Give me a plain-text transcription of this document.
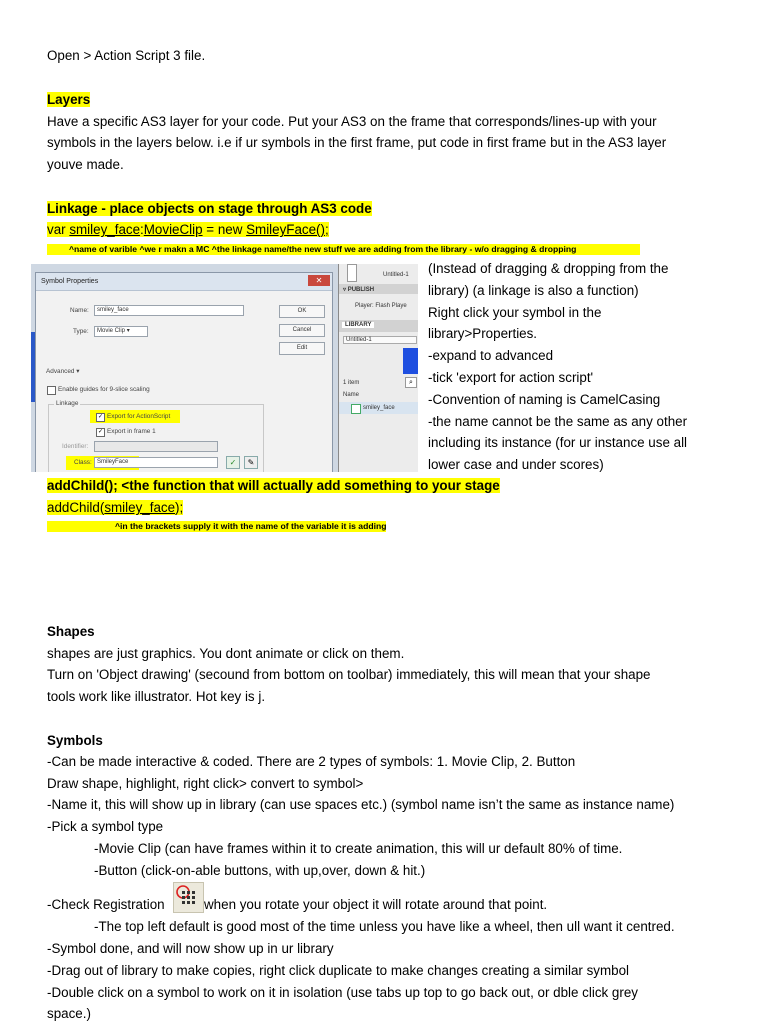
Open > Action Script 3 file.
Layers
Have a specific AS3 layer for your code. Put your AS3 on the frame that corresponds/lines-up with your
symbols in the layers below. i.e if ur symbols in the first frame, put code in first frame but in the AS3 layer
youve made.
Linkage - place objects on stage through AS3 code
var smiley_face:MovieClip = new SmileyFace();
^name of varible ^we r makn a MC ^the linkage name/the new stuff we are adding from the library - w/o dragging & dropping
Symbol Properties	✕
Name:	smiley_face
Type:	Movie Clip ▾
OK
Cancel
Edit
Advanced ▾
Enable guides for 9-slice scaling
Linkage
✓ Export for ActionScript
✓ Export in frame 1
Identifier:
Class: SmileyFace	✓	✎
Untitled-1
▿ PUBLISH
Player: Flash Playe
LIBRARY
Untitled-1
1 item	⌕
Name
smiley_face
(Instead of dragging & dropping from the
library) (a linkage is also a function)
Right click your symbol in the
library>Properties.
-expand to advanced
-tick 'export for action script'
-Convention of naming is CamelCasing
-the name cannot be the same as any other
including its instance (for ur instance use all
lower case and under scores)
addChild(); <the function that will actually add something to your stage
addChild(smiley_face);
^in the brackets supply it with the name of the variable it is adding
Shapes
shapes are just graphics. You dont animate or click on them.
Turn on 'Object drawing' (secound from bottom on toolbar) immediately, this will mean that your shape
tools work like illustrator. Hot key is j.
Symbols
-Can be made interactive & coded. There are 2 types of symbols: 1. Movie Clip, 2. Button
Draw shape, highlight, right click> convert to symbol>
-Name it, this will show up in library (can use spaces etc.) (symbol name isn’t the same as instance name)
-Pick a symbol type
-Movie Clip (can have frames within it to create animation, this will ur default 80% of time.
-Button (click-on-able buttons, with up,over, down & hit.)
-Check Registration	when you rotate your object it will rotate around that point.
-The top left default is good most of the time unless you have like a wheel, then ull want it centred.
-Symbol done, and will now show up in ur library
-Drag out of library to make copies, right click duplicate to make changes creating a similar symbol
-Double click on a symbol to work on it in isolation (use tabs up top to go back out, or dble click grey
space.)
